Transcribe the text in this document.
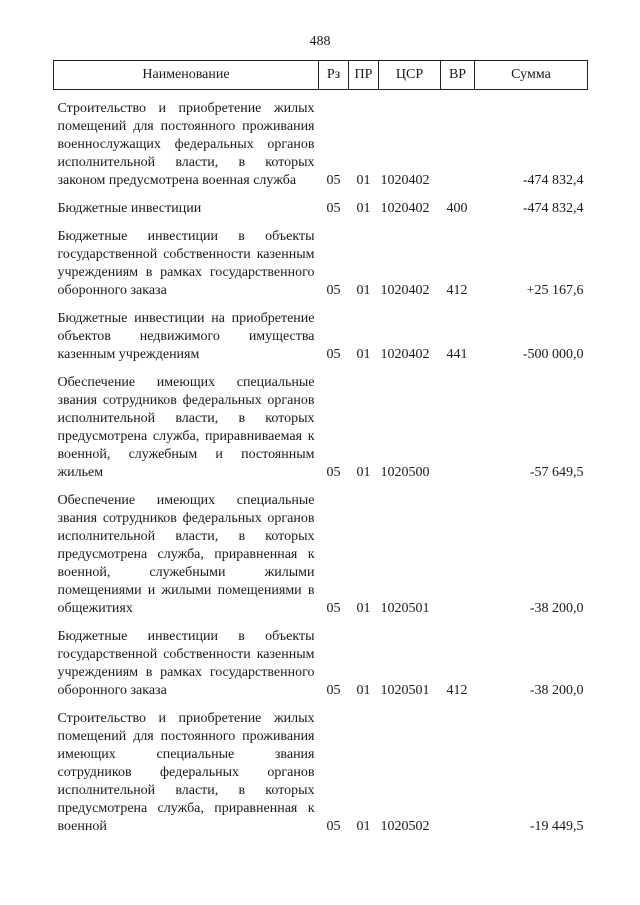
488
Наименование	Рз	ПР	ЦСР	ВР	Сумма

Строительство и приобретение жилых помещений для постоянного проживания военнослужащих федеральных органов исполнительной власти, в которых законом предусмотрена военная служба	05	01	1020402		-474 832,4

Бюджетные инвестиции	05	01	1020402	400	-474 832,4

Бюджетные инвестиции в объекты государственной собственности казенным учреждениям в рамках государственного оборонного заказа	05	01	1020402	412	+25 167,6

Бюджетные инвестиции на приобретение объектов недвижимого имущества казенным учреждениям	05	01	1020402	441	-500 000,0

Обеспечение имеющих специальные звания сотрудников федеральных органов исполнительной власти, в которых предусмотрена служба, приравниваемая к военной, служебным и постоянным жильем	05	01	1020500		-57 649,5

Обеспечение имеющих специальные звания сотрудников федеральных органов исполнительной власти, в которых предусмотрена служба, приравненная к военной, служебными жилыми помещениями и жилыми помещениями в общежитиях	05	01	1020501		-38 200,0

Бюджетные инвестиции в объекты государственной собственности казенным учреждениям в рамках государственного оборонного заказа	05	01	1020501	412	-38 200,0

Строительство и приобретение жилых помещений для постоянного проживания имеющих специальные звания сотрудников федеральных органов исполнительной власти, в которых предусмотрена служба, приравненная к военной	05	01	1020502		-19 449,5
